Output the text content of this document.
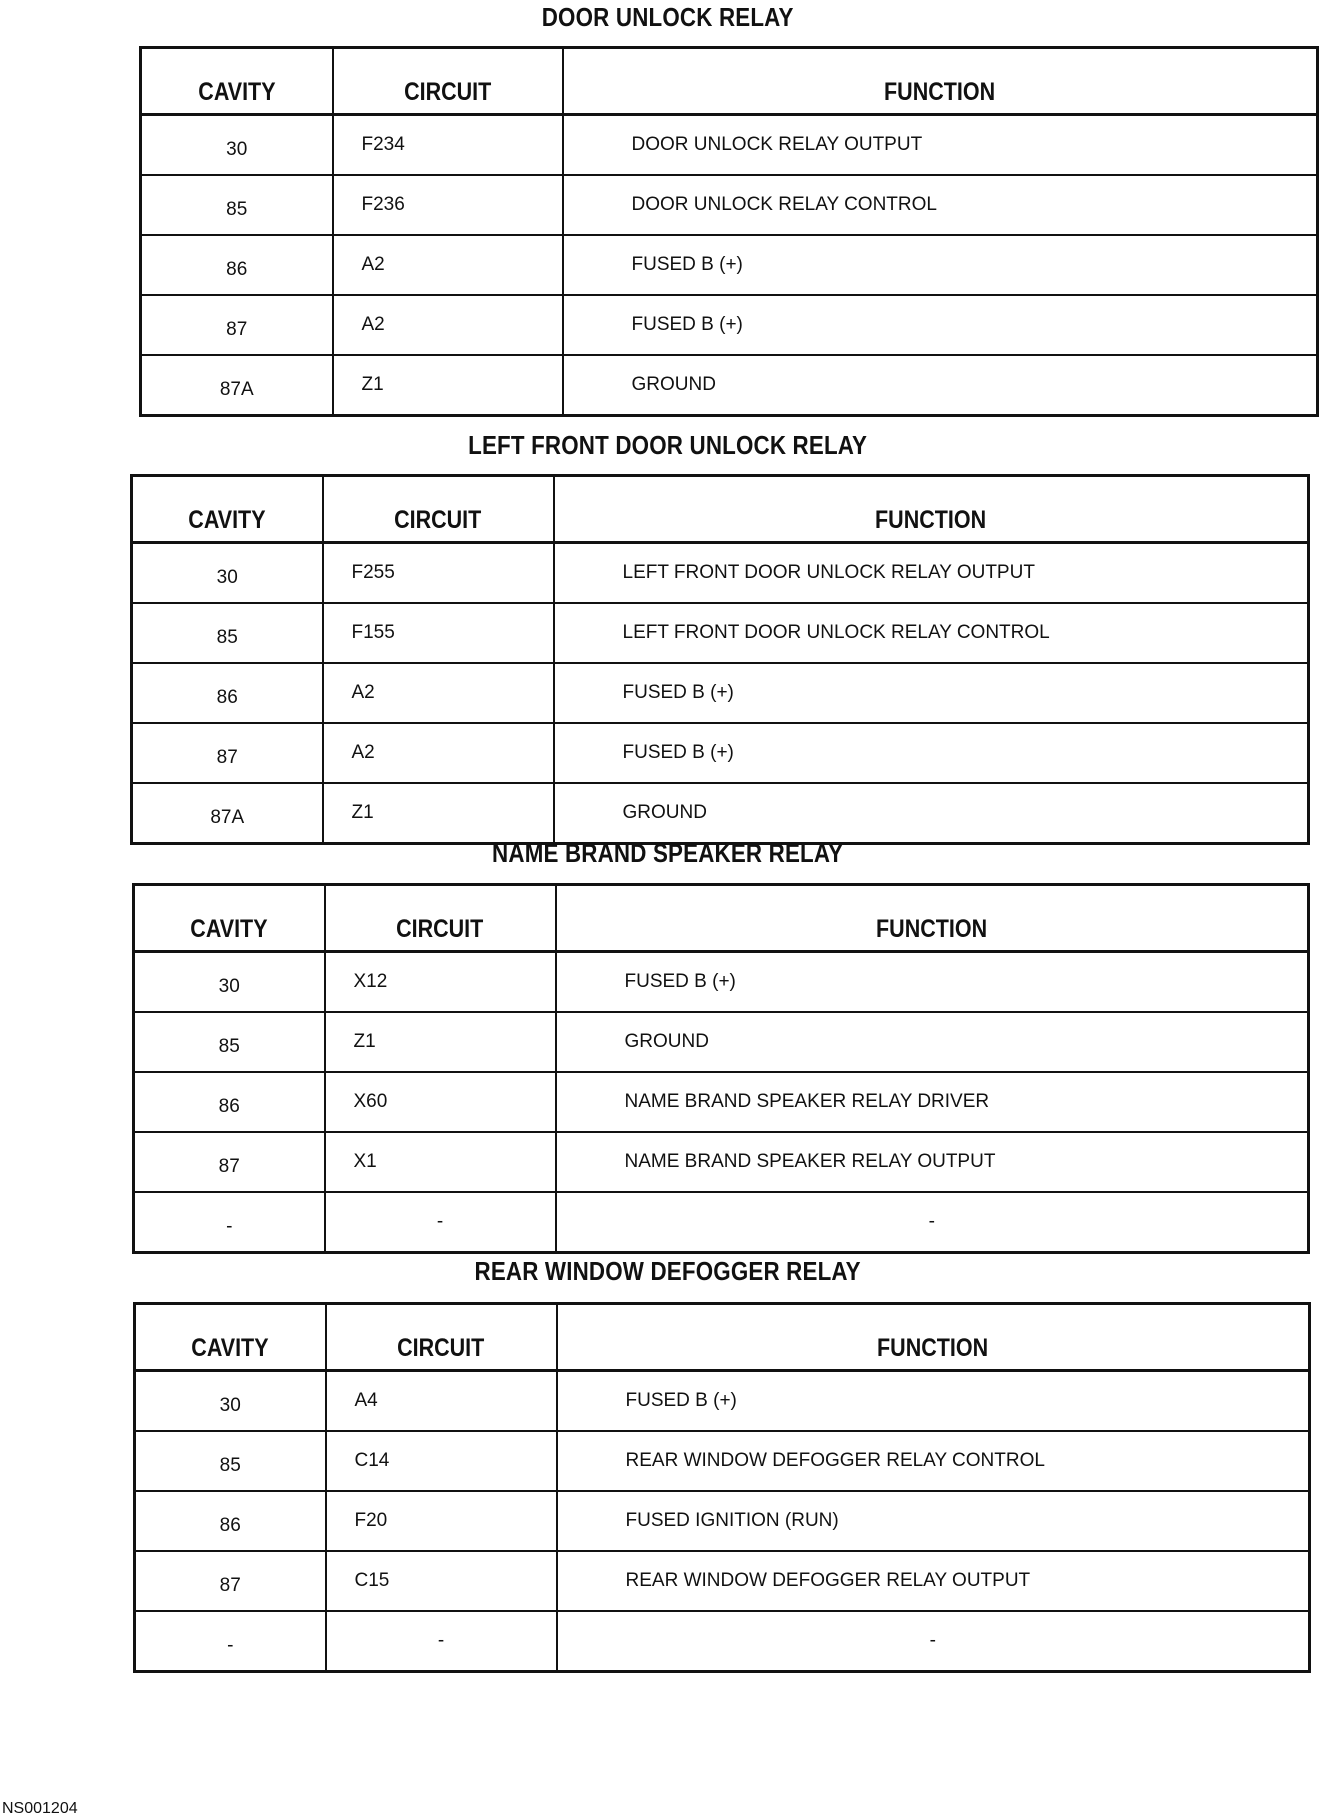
DOOR UNLOCK RELAY
CAVITY	CIRCUIT	FUNCTION
30	F234	DOOR UNLOCK RELAY OUTPUT
85	F236	DOOR UNLOCK RELAY CONTROL
86	A2	FUSED B (+)
87	A2	FUSED B (+)
87A	Z1	GROUND
LEFT FRONT DOOR UNLOCK RELAY
CAVITY	CIRCUIT	FUNCTION
30	F255	LEFT FRONT DOOR UNLOCK RELAY OUTPUT
85	F155	LEFT FRONT DOOR UNLOCK RELAY CONTROL
86	A2	FUSED B (+)
87	A2	FUSED B (+)
87A	Z1	GROUND
NAME BRAND SPEAKER RELAY
CAVITY	CIRCUIT	FUNCTION
30	X12	FUSED B (+)
85	Z1	GROUND
86	X60	NAME BRAND SPEAKER RELAY DRIVER
87	X1	NAME BRAND SPEAKER RELAY OUTPUT
-	-	-
REAR WINDOW DEFOGGER RELAY
CAVITY	CIRCUIT	FUNCTION
30	A4	FUSED B (+)
85	C14	REAR WINDOW DEFOGGER RELAY CONTROL
86	F20	FUSED IGNITION (RUN)
87	C15	REAR WINDOW DEFOGGER RELAY OUTPUT
-	-	-
NS001204
